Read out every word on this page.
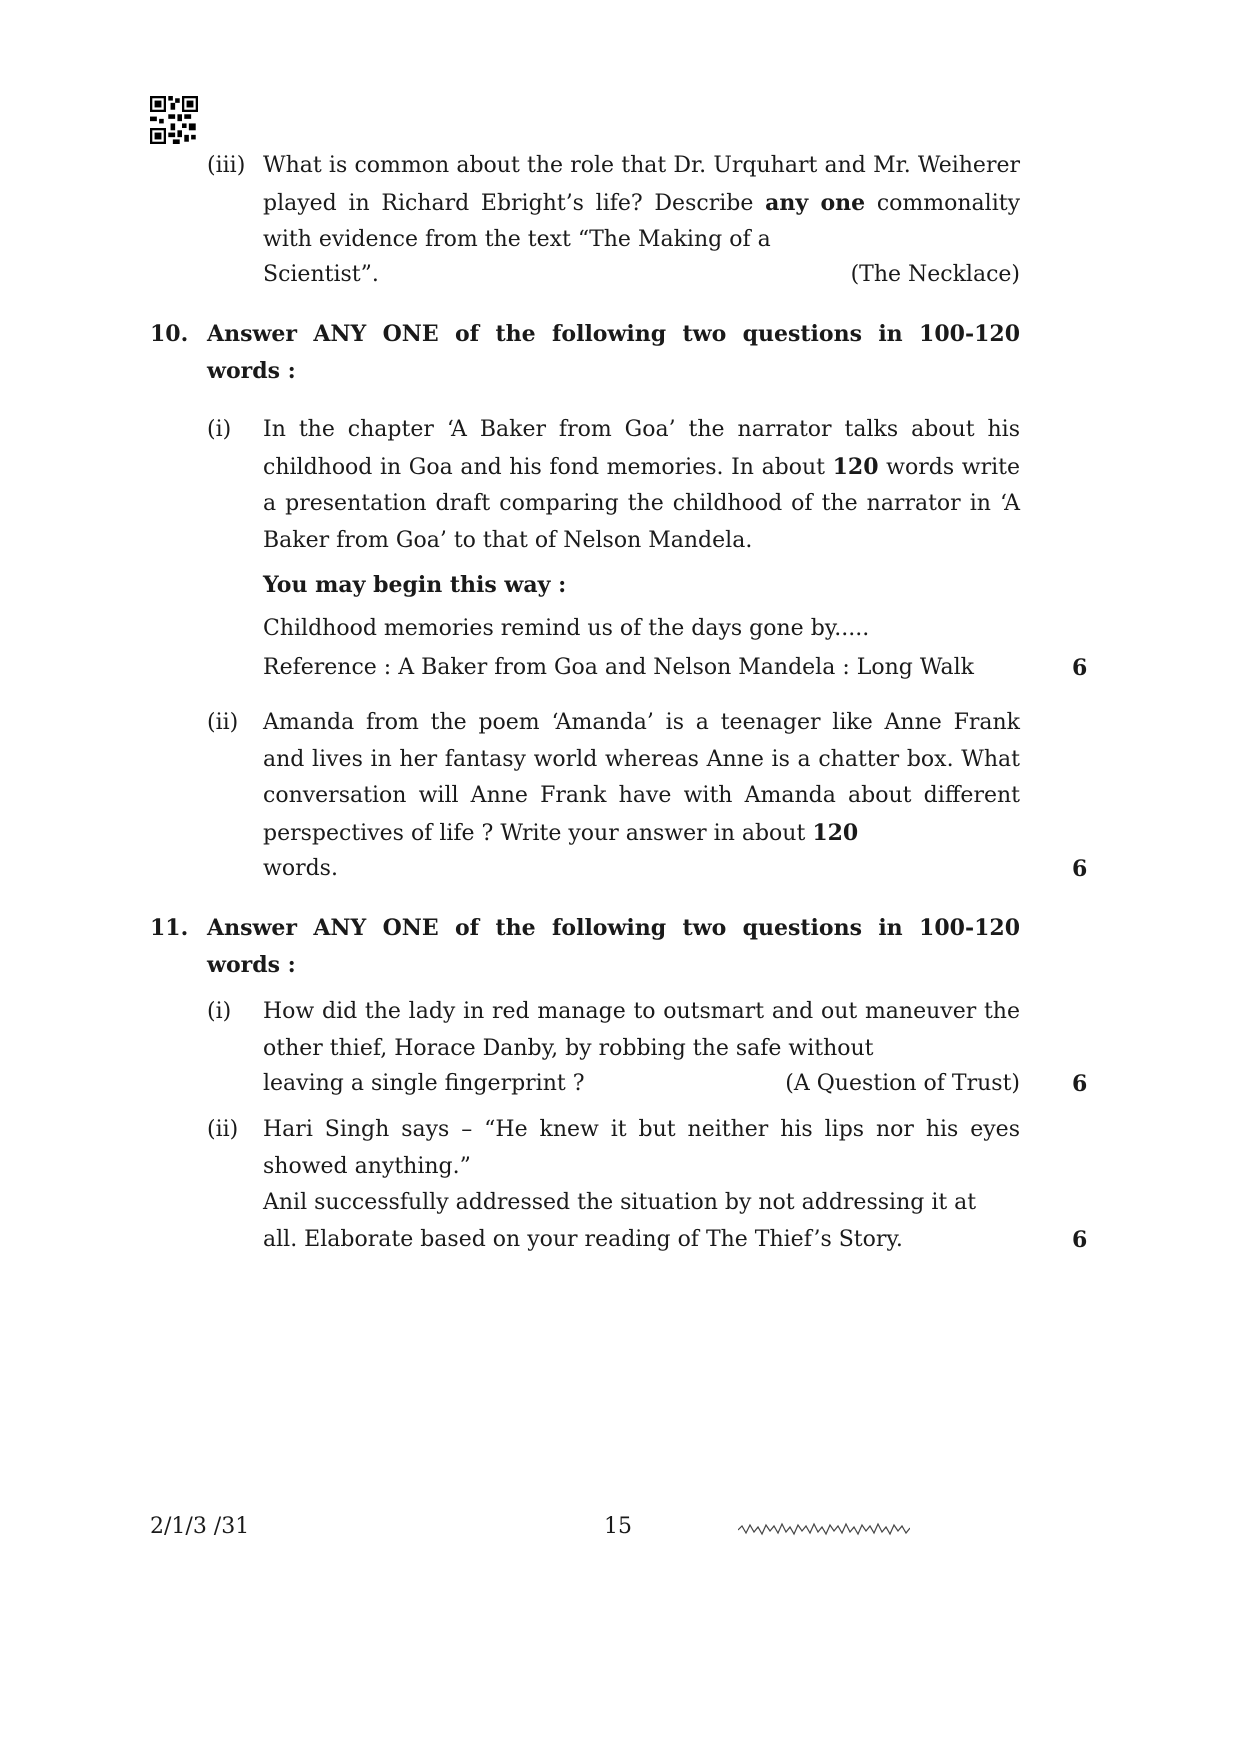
(iii) What is common about the role that Dr. Urquhart and Mr. Weiherer played in Richard Ebright’s life? Describe any one commonality with evidence from the text “The Making of a
Scientist”.	(The Necklace)
10. Answer ANY ONE of the following two questions in 100-120 words :
(i) In the chapter ‘A Baker from Goa’ the narrator talks about his childhood in Goa and his fond memories. In about 120 words write a presentation draft comparing the childhood of the narrator in ‘A Baker from Goa’ to that of Nelson Mandela.
You may begin this way :
Childhood memories remind us of the days gone by.....
Reference : A Baker from Goa and Nelson Mandela : Long Walk	6
(ii) Amanda from the poem ‘Amanda’ is a teenager like Anne Frank and lives in her fantasy world whereas Anne is a chatter box. What conversation will Anne Frank have with Amanda about different perspectives of life ? Write your answer in about 120
words.	6
11. Answer ANY ONE of the following two questions in 100-120 words :
(i) How did the lady in red manage to outsmart and out maneuver the other thief, Horace Danby, by robbing the safe without
leaving a single fingerprint ?	(A Question of Trust) 6
(ii) Hari Singh says – “He knew it but neither his lips nor his eyes showed anything.”
Anil successfully addressed the situation by not addressing it at
all. Elaborate based on your reading of The Thief’s Story.	6
2/1/3 /31	15
